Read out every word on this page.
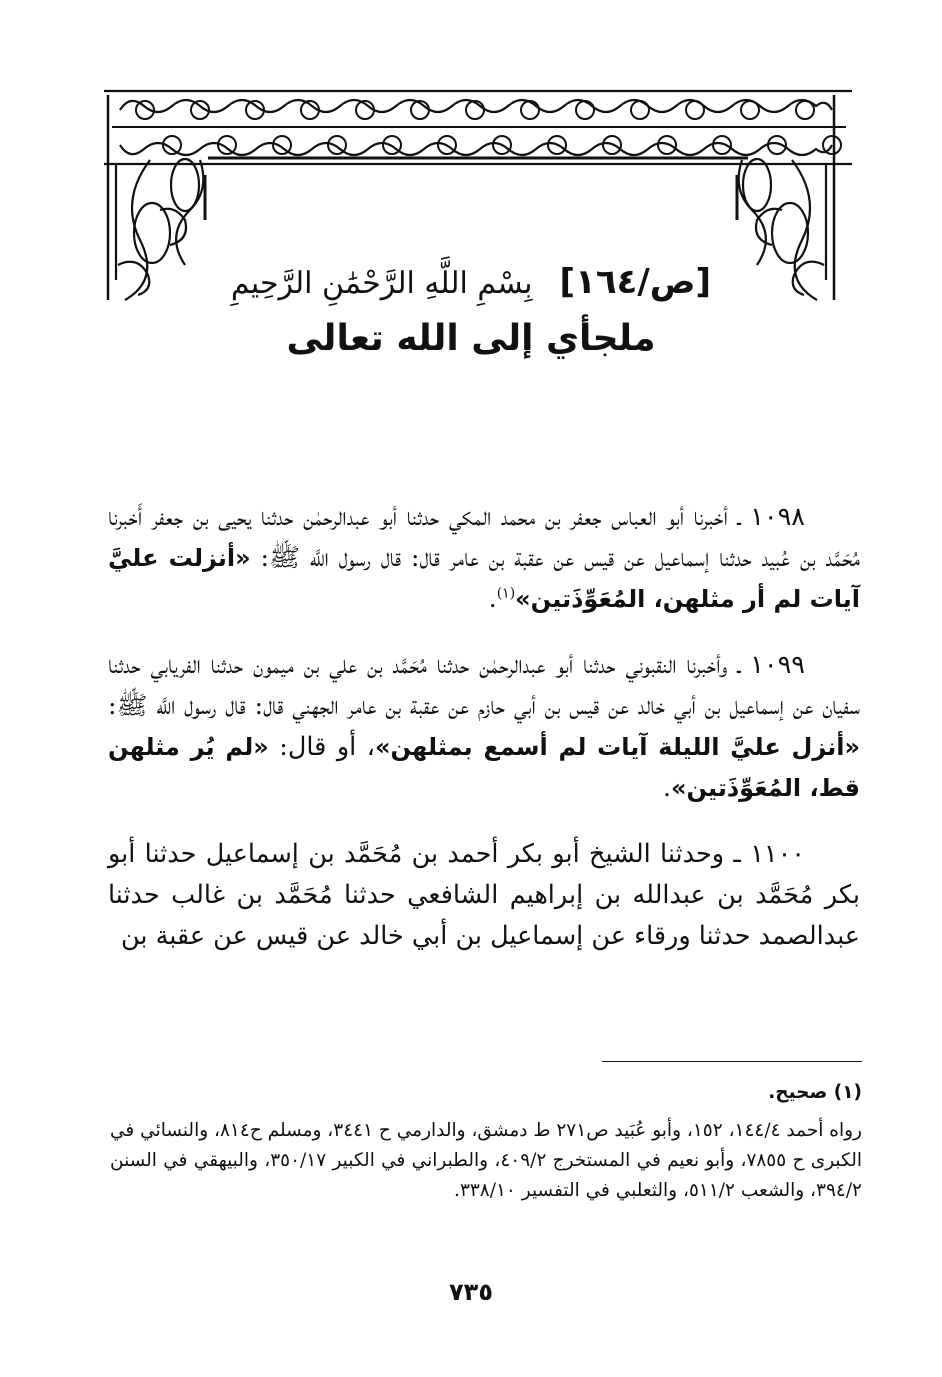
[ص/١٦٤] بِسْمِ اللَّهِ الرَّحْمَٰنِ الرَّحِيمِ
ملجأي إلى الله تعالى

١٠٩٨ ـ أخبرنا أبو العباس جعفر بن محمد المكي حدثنا أبو عبدالرحمٰن حدثنا يحيى بن جعفر أَخبرنا مُحَمَّد بن عُبيد حدثنا إسماعيل عن قيس عن عقبة بن عامر قال: قال رسول اللَّه ﷺ: «أنزلت عليَّ آيات لم أر مثلهن، المُعَوِّذَتين»$^{(١)}$.

١٠٩٩ ـ وأخبرنا النقبوني حدثنا أبو عبدالرحمٰن حدثنا مُحَمَّد بن علي بن ميمون حدثنا الفريابي حدثنا سفيان عن إسماعيل بن أبي خالد عن قيس بن أبي حازم عن عقبة بن عامر الجهني قال: قال رسول اللَّه ﷺ: «أنزل عليَّ الليلة آيات لم أسمع بمثلهن»، أو قال: «لم يُر مثلهن قط، المُعَوِّذَتين».

١١٠٠ ـ وحدثنا الشيخ أبو بكر أحمد بن مُحَمَّد بن إسماعيل حدثنا أبو بكر مُحَمَّد بن عبدالله بن إبراهيم الشافعي حدثنا مُحَمَّد بن غالب حدثنا عبدالصمد حدثنا ورقاء عن إسماعيل بن أبي خالد عن قيس عن عقبة بن

(١) صحيح.
رواه أحمد ١٤٤/٤، ١٥٢، وأبو عُبَيد ص٢٧١ ط دمشق، والدارمي ح ٣٤٤١، ومسلم ح٨١٤، والنسائي في الكبرى ح ٧٨٥٥، وأبو نعيم في المستخرج ٤٠٩/٢، والطبراني في الكبير ٣٥٠/١٧، والبيهقي في السنن ٣٩٤/٢، والشعب ٥١١/٢، والثعلبي في التفسير ٣٣٨/١٠.
٧٣٥
